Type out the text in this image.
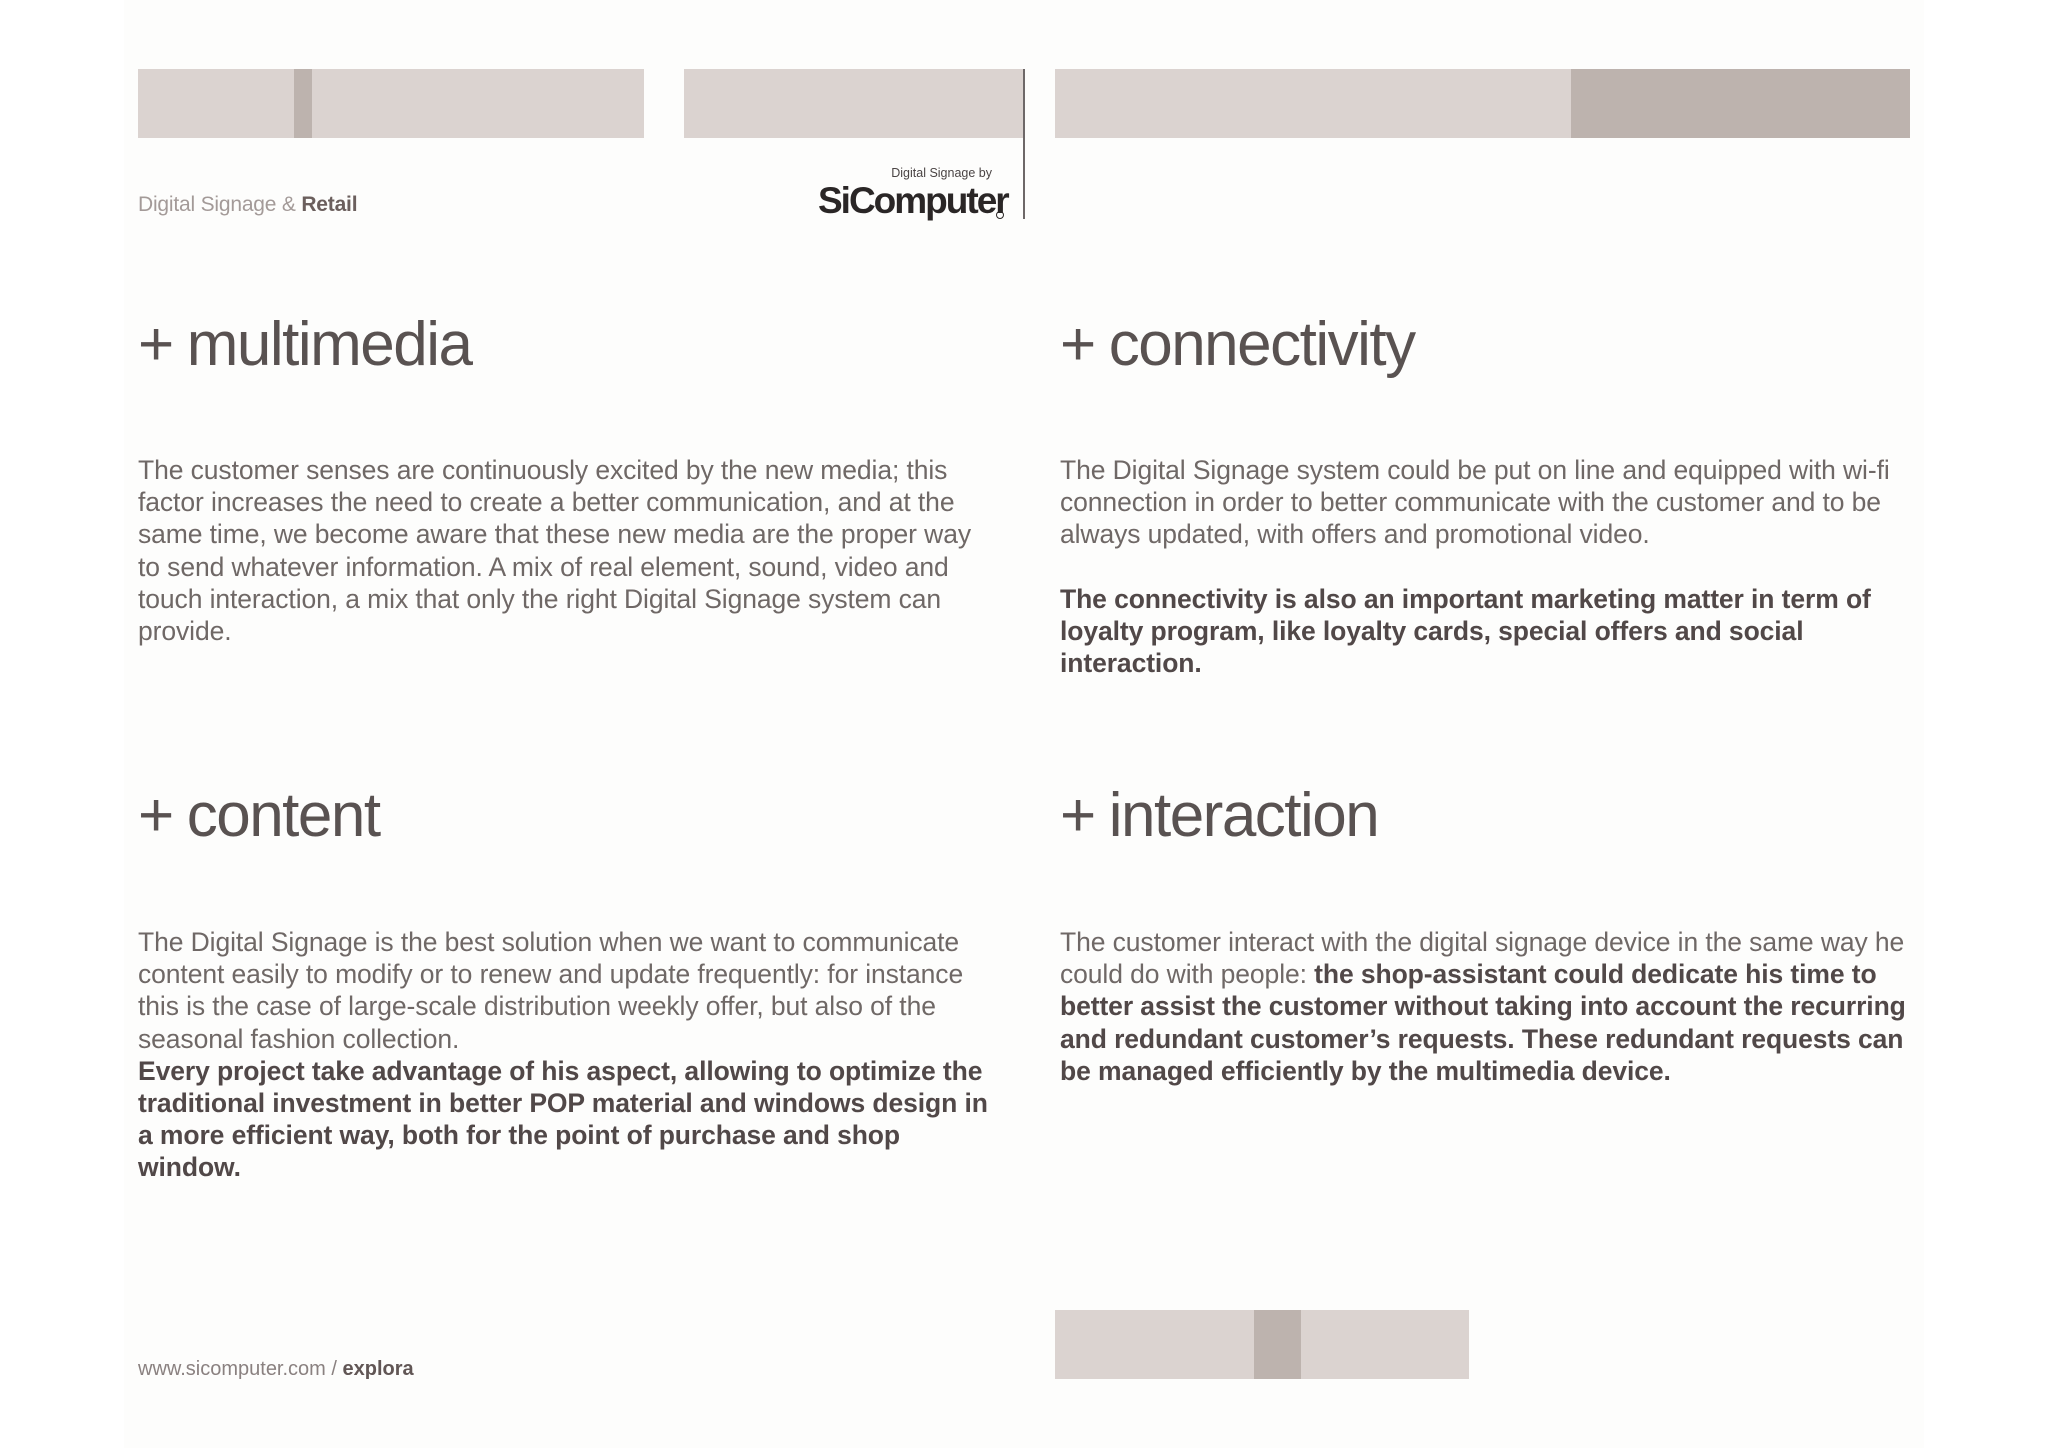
Digital Signage & Retail
Digital Signage by
SiComputer
+ multimedia

The customer senses are continuously excited by the new media; this factor increases the need to create a better communication, and at the same time, we become aware that these new media are the proper way to send whatever information. A mix of real element, sound, video and touch interaction, a mix that only the right Digital Signage system can provide.

+ connectivity

The Digital Signage system could be put on line and equipped with wi-fi connection in order to better communicate with the customer and to be always updated, with offers and promotional video.

The connectivity is also an important marketing matter in term of loyalty program, like loyalty cards, special offers and social interaction.

+ content

The Digital Signage is the best solution when we want to communicate content easily to modify or to renew and update frequently: for instance this is the case of large-scale distribution weekly offer, but also of the seasonal fashion collection.

Every project take advantage of his aspect, allowing to optimize the traditional investment in better POP material and windows design in a more efficient way, both for the point of purchase and shop window.

+ interaction

The customer interact with the digital signage device in the same way he could do with people: the shop-assistant could dedicate his time to better assist the customer without taking into account the recurring and redundant customer’s requests. These redundant requests can be managed efficiently by the multimedia device.

www.sicomputer.com / explora
